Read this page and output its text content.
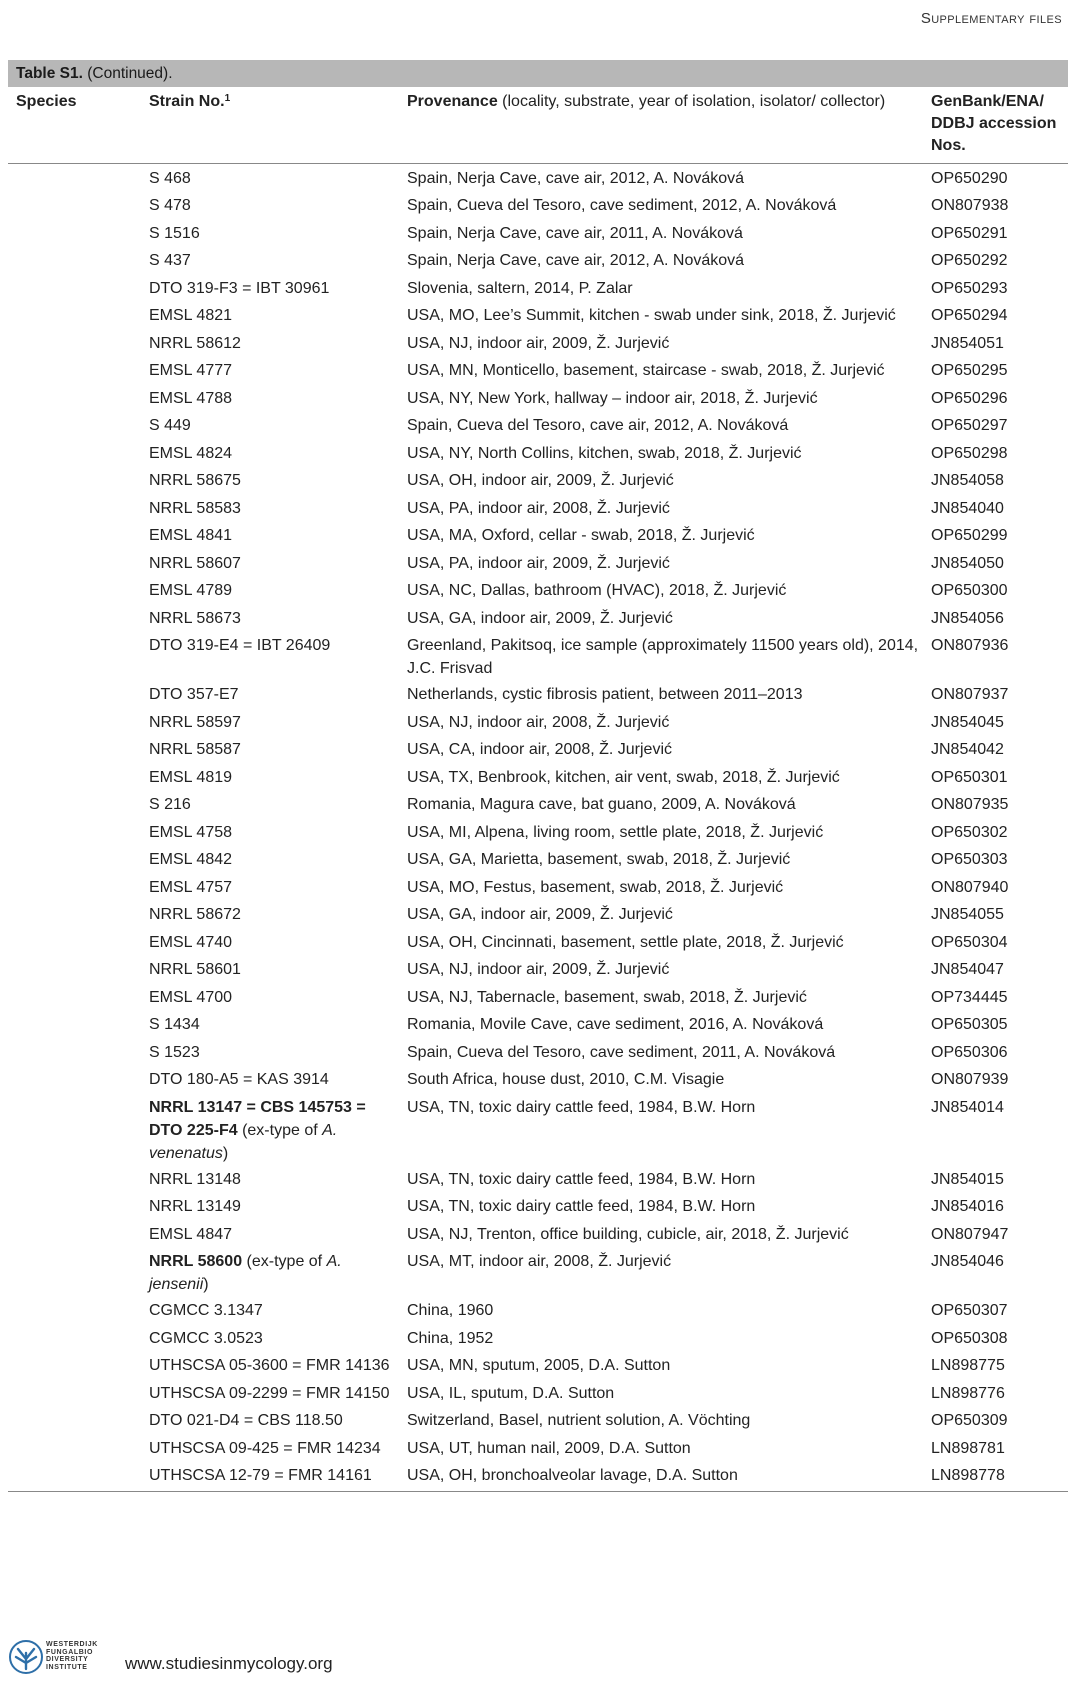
Supplementary files
Table S1. (Continued).
Species	Strain No.$^1$	Provenance (locality, substrate, year of isolation, isolator/ collector)	GenBank/ENA/ DDBJ accession Nos.
	S 468	Spain, Nerja Cave, cave air, 2012, A. Nováková	OP650290
	S 478	Spain, Cueva del Tesoro, cave sediment, 2012, A. Nováková	ON807938
	S 1516	Spain, Nerja Cave, cave air, 2011, A. Nováková	OP650291
	S 437	Spain, Nerja Cave, cave air, 2012, A. Nováková	OP650292
	DTO 319-F3 = IBT 30961	Slovenia, saltern, 2014, P. Zalar	OP650293
	EMSL 4821	USA, MO, Lee’s Summit, kitchen - swab under sink, 2018, Ž. Jurjević	OP650294
	NRRL 58612	USA, NJ, indoor air, 2009, Ž. Jurjević	JN854051
	EMSL 4777	USA, MN, Monticello, basement, staircase - swab, 2018, Ž. Jurjević	OP650295
	EMSL 4788	USA, NY, New York, hallway – indoor air, 2018, Ž. Jurjević	OP650296
	S 449	Spain, Cueva del Tesoro, cave air, 2012, A. Nováková	OP650297
	EMSL 4824	USA, NY, North Collins, kitchen, swab, 2018, Ž. Jurjević	OP650298
	NRRL 58675	USA, OH, indoor air, 2009, Ž. Jurjević	JN854058
	NRRL 58583	USA, PA, indoor air, 2008, Ž. Jurjević	JN854040
	EMSL 4841	USA, MA, Oxford, cellar - swab, 2018, Ž. Jurjević	OP650299
	NRRL 58607	USA, PA, indoor air, 2009, Ž. Jurjević	JN854050
	EMSL 4789	USA, NC, Dallas, bathroom (HVAC), 2018, Ž. Jurjević	OP650300
	NRRL 58673	USA, GA, indoor air, 2009, Ž. Jurjević	JN854056
	DTO 319-E4 = IBT 26409	Greenland, Pakitsoq, ice sample (approximately 11500 years old), 2014, J.C. Frisvad	ON807936
	DTO 357-E7	Netherlands, cystic fibrosis patient, between 2011–2013	ON807937
	NRRL 58597	USA, NJ, indoor air, 2008, Ž. Jurjević	JN854045
	NRRL 58587	USA, CA, indoor air, 2008, Ž. Jurjević	JN854042
	EMSL 4819	USA, TX, Benbrook, kitchen, air vent, swab, 2018, Ž. Jurjević	OP650301
	S 216	Romania, Magura cave, bat guano, 2009, A. Nováková	ON807935
	EMSL 4758	USA, MI, Alpena, living room, settle plate, 2018, Ž. Jurjević	OP650302
	EMSL 4842	USA, GA, Marietta, basement, swab, 2018, Ž. Jurjević	OP650303
	EMSL 4757	USA, MO, Festus, basement, swab, 2018, Ž. Jurjević	ON807940
	NRRL 58672	USA, GA, indoor air, 2009, Ž. Jurjević	JN854055
	EMSL 4740	USA, OH, Cincinnati, basement, settle plate, 2018, Ž. Jurjević	OP650304
	NRRL 58601	USA, NJ, indoor air, 2009, Ž. Jurjević	JN854047
	EMSL 4700	USA, NJ, Tabernacle, basement, swab, 2018, Ž. Jurjević	OP734445
	S 1434	Romania, Movile Cave, cave sediment, 2016, A. Nováková	OP650305
	S 1523	Spain, Cueva del Tesoro, cave sediment, 2011, A. Nováková	OP650306
	DTO 180-A5 = KAS 3914	South Africa, house dust, 2010, C.M. Visagie	ON807939
	NRRL 13147 = CBS 145753 = DTO 225-F4 (ex-type of A. venenatus)	USA, TN, toxic dairy cattle feed, 1984, B.W. Horn	JN854014
	NRRL 13148	USA, TN, toxic dairy cattle feed, 1984, B.W. Horn	JN854015
	NRRL 13149	USA, TN, toxic dairy cattle feed, 1984, B.W. Horn	JN854016
	EMSL 4847	USA, NJ, Trenton, office building, cubicle, air, 2018, Ž. Jurjević	ON807947
	NRRL 58600 (ex-type of A. jensenii)	USA, MT, indoor air, 2008, Ž. Jurjević	JN854046
	CGMCC 3.1347	China, 1960	OP650307
	CGMCC 3.0523	China, 1952	OP650308
	UTHSCSA 05-3600 = FMR 14136	USA, MN, sputum, 2005, D.A. Sutton	LN898775
	UTHSCSA 09-2299 = FMR 14150	USA, IL, sputum, D.A. Sutton	LN898776
	DTO 021-D4 = CBS 118.50	Switzerland, Basel, nutrient solution, A. Vöchting	OP650309
	UTHSCSA 09-425 = FMR 14234	USA, UT, human nail, 2009, D.A. Sutton	LN898781
	UTHSCSA 12-79 = FMR 14161	USA, OH, bronchoalveolar lavage, D.A. Sutton	LN898778
WESTERDIJK
FUNGALBIO
DIVERSITY
INSTITUTE	www.studiesinmycology.org
